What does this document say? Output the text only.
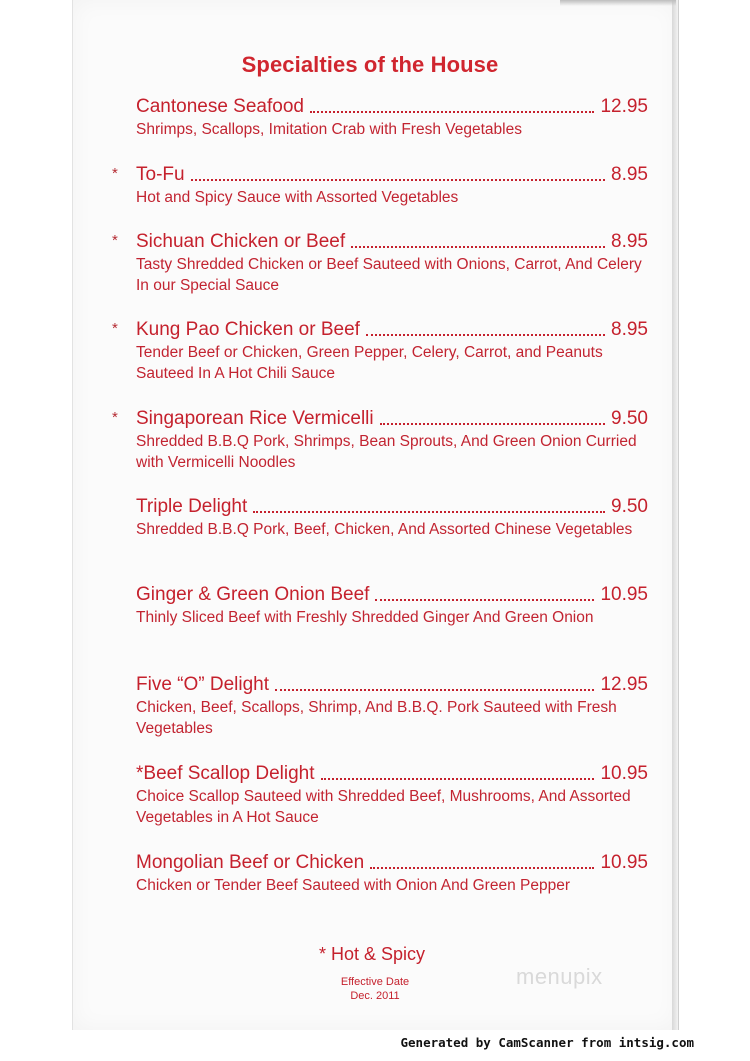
Specialties of the House
Cantonese Seafood	12.95
Shrimps, Scallops, Imitation Crab with Fresh Vegetables
* To-Fu	8.95
Hot and Spicy Sauce with Assorted Vegetables
* Sichuan Chicken or Beef	8.95
Tasty Shredded Chicken or Beef Sauteed with Onions, Carrot, And Celery In our Special Sauce
* Kung Pao Chicken or Beef	8.95
Tender Beef or Chicken, Green Pepper, Celery, Carrot, and Peanuts Sauteed In A Hot Chili Sauce
* Singaporean Rice Vermicelli	9.50
Shredded B.B.Q Pork, Shrimps, Bean Sprouts, And Green Onion Curried with Vermicelli Noodles
Triple Delight	9.50
Shredded B.B.Q Pork, Beef, Chicken, And Assorted Chinese Vegetables
Ginger & Green Onion Beef	10.95
Thinly Sliced Beef with Freshly Shredded Ginger And Green Onion
Five “O” Delight	12.95
Chicken, Beef, Scallops, Shrimp, And B.B.Q. Pork Sauteed with Fresh Vegetables
*Beef Scallop Delight	10.95
Choice Scallop Sauteed with Shredded Beef, Mushrooms, And Assorted Vegetables in A Hot Sauce
Mongolian Beef or Chicken	10.95
Chicken or Tender Beef Sauteed with Onion And Green Pepper
* Hot & Spicy
Effective Date
Dec. 2011
menupix
Generated by CamScanner from intsig.com
